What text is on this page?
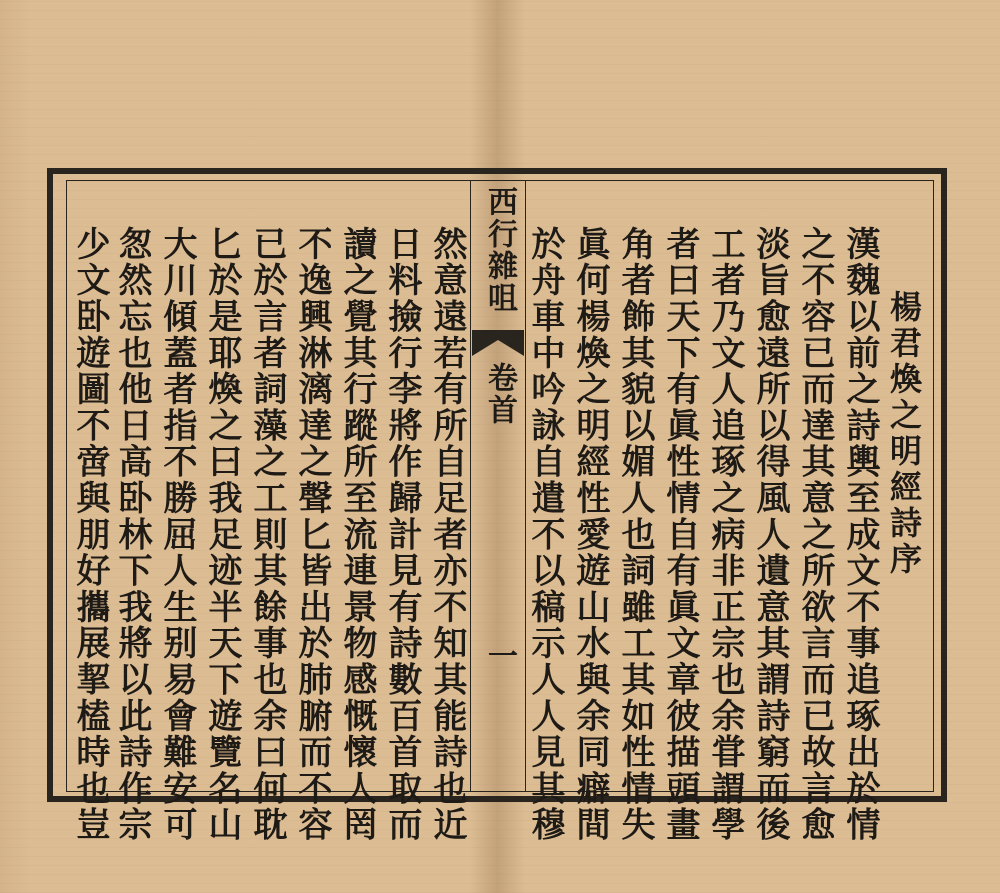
西行雜咀
卷首
一
楊君煥之明經詩序
漢魏以前之詩輿至成文不事追琢出於情
之不容已而達其意之所欲言而已故言愈
淡旨愈遠所以得風人遺意其謂詩窮而後
工者乃文人追琢之病非正宗也余甞謂學
者曰天下有眞性情自有眞文章彼描頭畫
角者飾其貌以媚人也詞雖工其如性情失
眞何楊煥之明經性愛遊山水與余同癖間
於舟車中吟詠自遣不以稿示人人見其穆
然意遠若有所自足者亦不知其能詩也近
日料撿行李將作歸計見有詩數百首取而
讀之覺其行蹤所至流連景物感慨懷人罔
不逸興淋漓達之聲匕皆出於肺腑而不容
已於言者詞藻之工則其餘事也余曰何耽
匕於是耶煥之曰我足迹半天下遊覽名山
大川傾蓋者指不勝屈人生别易會難安可
怱然忘也他日高卧林下我將以此詩作宗
少文卧遊圖不啻與朋好攜展挈榼時也豈
